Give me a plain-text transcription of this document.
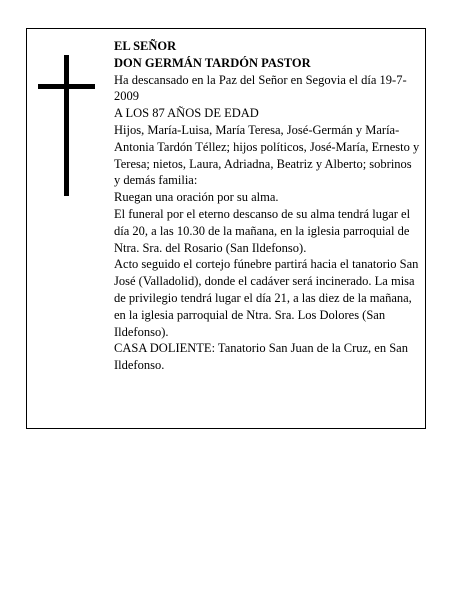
EL SEÑOR

DON GERMÁN TARDÓN PASTOR

Ha descansado en la Paz del Señor en Segovia el día 19-7-2009

A LOS 87 AÑOS DE EDAD

Hijos, María-Luisa, María Teresa, José-Germán y María-Antonia Tardón Téllez; hijos políticos, José-María, Ernesto y Teresa; nietos, Laura, Adriadna, Beatriz y Alberto; sobrinos y demás familia:

Ruegan una oración por su alma.

El funeral por el eterno descanso de su alma tendrá lugar el día 20, a las 10.30 de la mañana, en la iglesia parroquial de Ntra. Sra. del Rosario (San Ildefonso).

Acto seguido el cortejo fúnebre partirá hacia el tanatorio San José (Valladolid), donde el cadáver será incinerado. La misa de privilegio tendrá lugar el día 21, a las diez de la mañana, en la iglesia parroquial de Ntra. Sra. Los Dolores (San Ildefonso).

CASA DOLIENTE: Tanatorio San Juan de la Cruz, en San Ildefonso.
